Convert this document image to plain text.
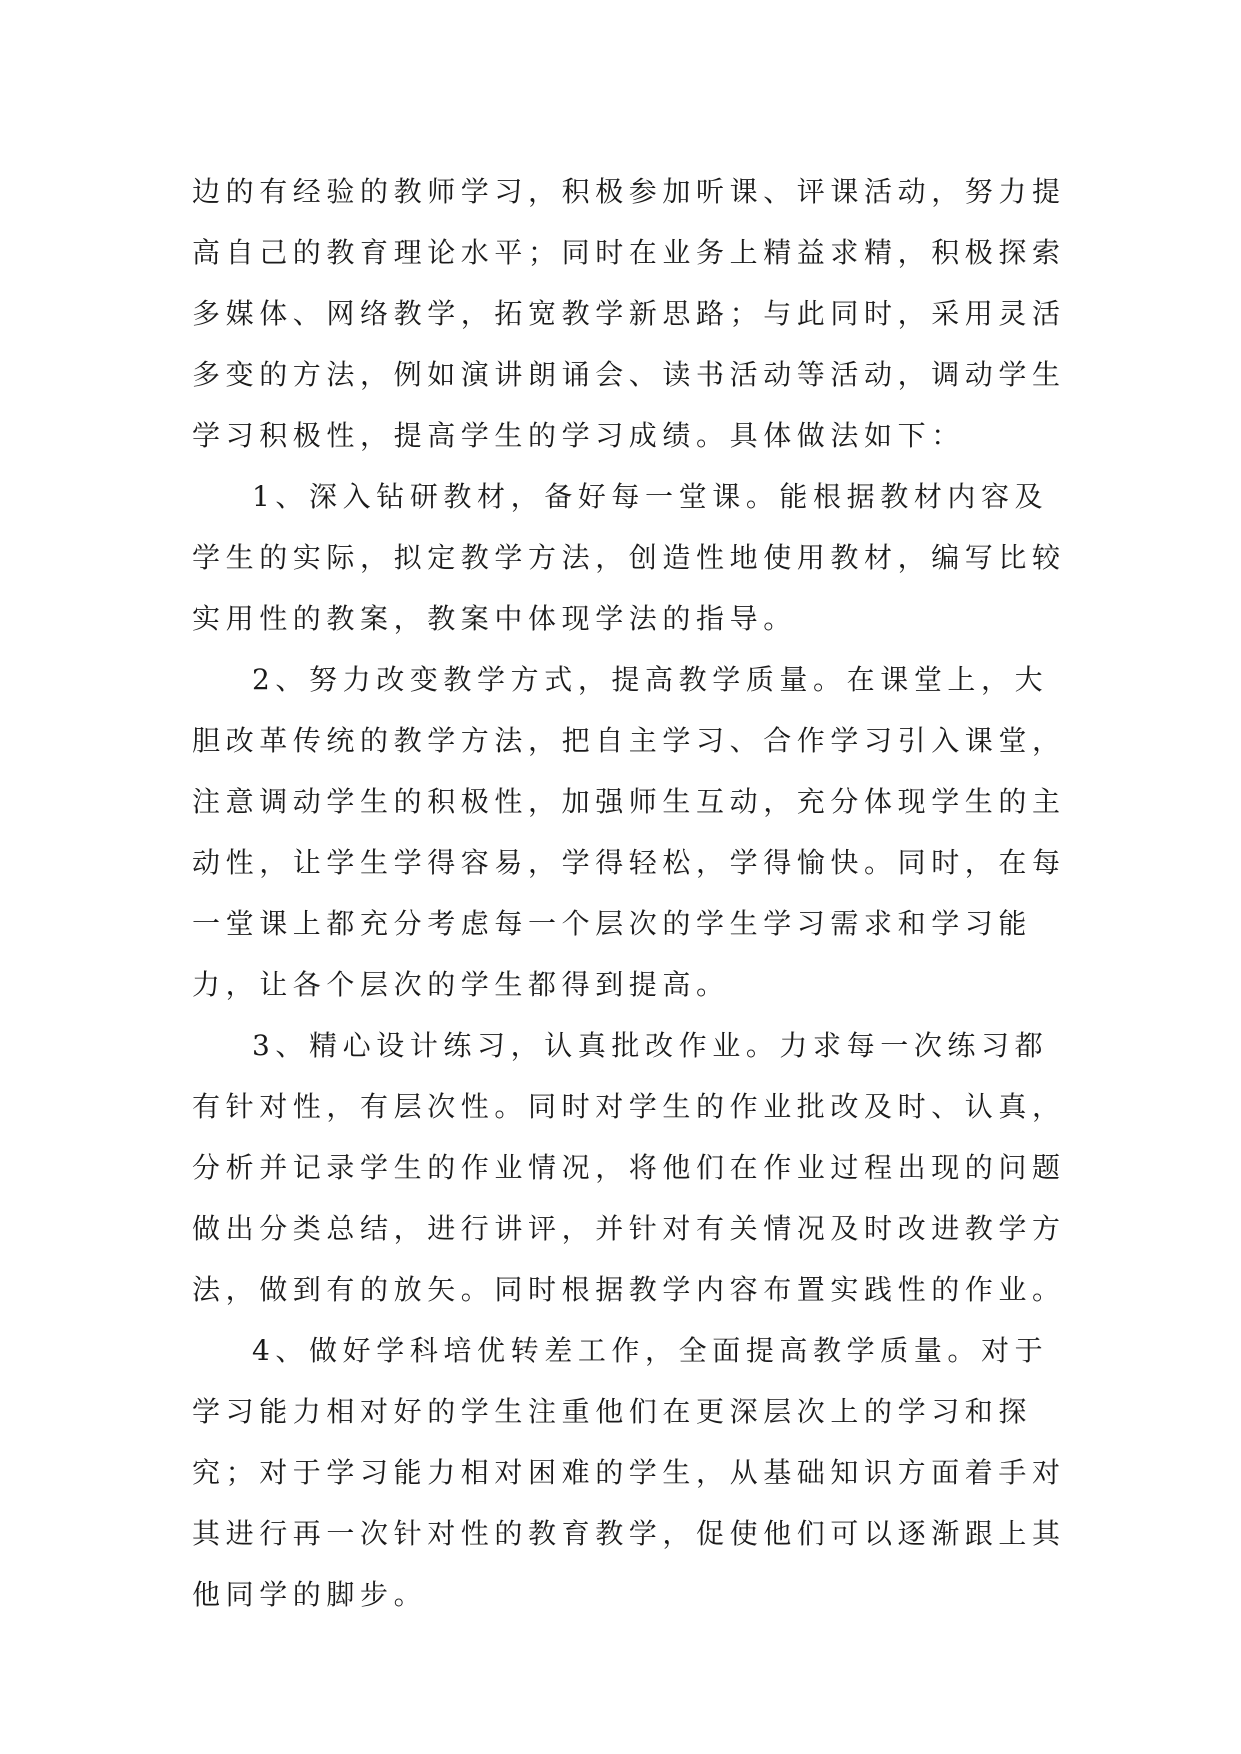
边的有经验的教师学习，积极参加听课、评课活动，努力提
高自己的教育理论水平；同时在业务上精益求精，积极探索
多媒体、网络教学，拓宽教学新思路；与此同时，采用灵活
多变的方法，例如演讲朗诵会、读书活动等活动，调动学生
学习积极性，提高学生的学习成绩。具体做法如下：
1、深入钻研教材，备好每一堂课。能根据教材内容及
学生的实际，拟定教学方法，创造性地使用教材，编写比较
实用性的教案，教案中体现学法的指导。
2、努力改变教学方式，提高教学质量。在课堂上，大
胆改革传统的教学方法，把自主学习、合作学习引入课堂，
注意调动学生的积极性，加强师生互动，充分体现学生的主
动性，让学生学得容易，学得轻松，学得愉快。同时，在每
一堂课上都充分考虑每一个层次的学生学习需求和学习能
力，让各个层次的学生都得到提高。
3、精心设计练习，认真批改作业。力求每一次练习都
有针对性，有层次性。同时对学生的作业批改及时、认真，
分析并记录学生的作业情况，将他们在作业过程出现的问题
做出分类总结，进行讲评，并针对有关情况及时改进教学方
法，做到有的放矢。同时根据教学内容布置实践性的作业。
4、做好学科培优转差工作，全面提高教学质量。对于
学习能力相对好的学生注重他们在更深层次上的学习和探
究；对于学习能力相对困难的学生，从基础知识方面着手对
其进行再一次针对性的教育教学，促使他们可以逐渐跟上其
他同学的脚步。
